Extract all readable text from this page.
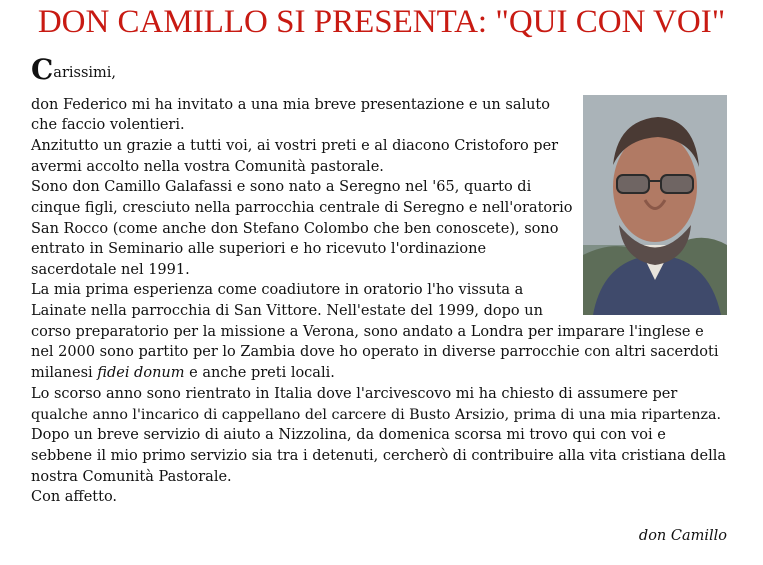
DON CAMILLO SI PRESENTA: "QUI CON VOI"
Carissimi,
don Federico mi ha invitato a una mia breve presentazione e un saluto
che faccio volentieri.
Anzitutto un grazie a tutti voi, ai vostri preti e al diacono Cristoforo per
avermi accolto nella vostra Comunità pastorale.
Sono don Camillo Galafassi e sono nato a Seregno nel '65, quarto di
cinque figli, cresciuto nella parrocchia centrale di Seregno e nell'oratorio
San Rocco (come anche don Stefano Colombo che ben conoscete), sono
entrato in Seminario alle superiori e ho ricevuto l'ordinazione
sacerdotale nel 1991.
La mia prima esperienza come coadiutore in oratorio l'ho vissuta a
Lainate nella parrocchia di San Vittore. Nell'estate del 1999, dopo un
corso preparatorio per la missione a Verona, sono andato a Londra per imparare l'inglese e
nel 2000 sono partito per lo Zambia dove ho operato in diverse parrocchie con altri sacerdoti
milanesi fidei donum e anche preti locali.
Lo scorso anno sono rientrato in Italia dove l'arcivescovo mi ha chiesto di assumere per
qualche anno l'incarico di cappellano del carcere di Busto Arsizio, prima di una mia ripartenza.
Dopo un breve servizio di aiuto a Nizzolina, da domenica scorsa mi trovo qui con voi e
sebbene il mio primo servizio sia tra i detenuti, cercherò di contribuire alla vita cristiana della
nostra Comunità Pastorale.
Con affetto.
don Camillo
